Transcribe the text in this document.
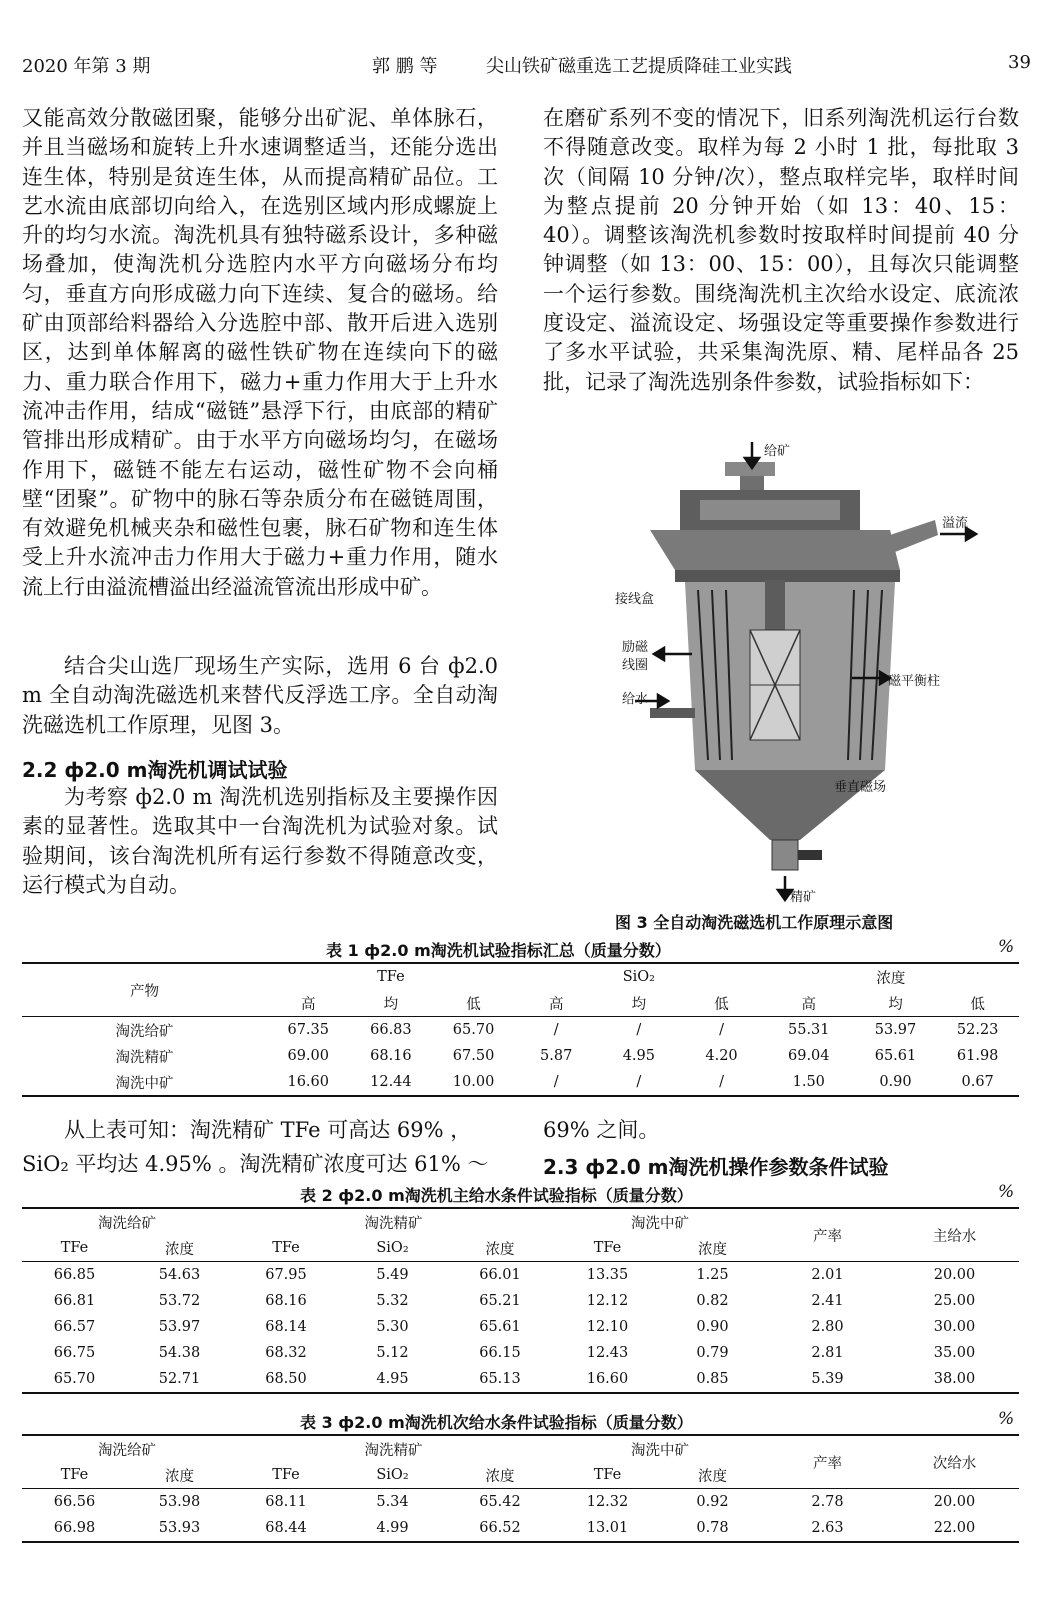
2020 年第 3 期	郭 鹏 等	尖山铁矿磁重选工艺提质降硅工业实践	39

又能高效分散磁团聚，能够分出矿泥、单体脉石，并且当磁场和旋转上升水速调整适当，还能分选出连生体，特别是贫连生体，从而提高精矿品位。工艺水流由底部切向给入，在选别区域内形成螺旋上升的均匀水流。淘洗机具有独特磁系设计，多种磁场叠加，使淘洗机分选腔内水平方向磁场分布均匀，垂直方向形成磁力向下连续、复合的磁场。给矿由顶部给料器给入分选腔中部、散开后进入选别区，达到单体解离的磁性铁矿物在连续向下的磁力、重力联合作用下，磁力+重力作用大于上升水流冲击作用，结成“磁链”悬浮下行，由底部的精矿管排出形成精矿。由于水平方向磁场均匀，在磁场作用下，磁链不能左右运动，磁性矿物不会向桶壁“团聚”。矿物中的脉石等杂质分布在磁链周围，有效避免机械夹杂和磁性包裹，脉石矿物和连生体受上升水流冲击力作用大于磁力+重力作用，随水流上行由溢流槽溢出经溢流管流出形成中矿。

结合尖山选厂现场生产实际，选用 6 台 ф2.0 m 全自动淘洗磁选机来替代反浮选工序。全自动淘洗磁选机工作原理，见图 3。

2.2 ф2.0 m淘洗机调试试验

为考察 ф2.0 m 淘洗机选别指标及主要操作因素的显著性。选取其中一台淘洗机为试验对象。试验期间，该台淘洗机所有运行参数不得随意改变，运行模式为自动。

在磨矿系列不变的情况下，旧系列淘洗机运行台数不得随意改变。取样为每 2 小时 1 批，每批取 3 次（间隔 10 分钟/次），整点取样完毕，取样时间为整点提前 20 分钟开始（如 13：40、15：40）。调整该淘洗机参数时按取样时间提前 40 分钟调整（如 13：00、15：00），且每次只能调整一个运行参数。围绕淘洗机主次给水设定、底流浓度设定、溢流设定、场强设定等重要操作参数进行了多水平试验，共采集淘洗原、精、尾样品各 25 批，记录了淘洗选别条件参数，试验指标如下：

给矿
溢流
接线盒
励磁
线圈
给水
磁平衡柱
垂直磁场
精矿
图 3 全自动淘洗磁选机工作原理示意图
表 1 ф2.0 m淘洗机试验指标汇总（质量分数）	%
产物	TFe			SiO₂			浓度		
	高	均	低	高	均	低	高	均	低
淘洗给矿	67.35	66.83	65.70	/	/	/	55.31	53.97	52.23
淘洗精矿	69.00	68.16	67.50	5.87	4.95	4.20	69.04	65.61	61.98
淘洗中矿	16.60	12.44	10.00	/	/	/	1.50	0.90	0.67
从上表可知：淘洗精矿 TFe 可高达 69% ，
SiO₂ 平均达 4.95% 。淘洗精矿浓度可达 61% ～
69% 之间。
2.3 ф2.0 m淘洗机操作参数条件试验
表 2 ф2.0 m淘洗机主给水条件试验指标（质量分数）	%
淘洗给矿		淘洗精矿			淘洗中矿		产率	主给水
TFe	浓度	TFe	SiO₂	浓度	TFe	浓度		
66.85	54.63	67.95	5.49	66.01	13.35	1.25	2.01	20.00
66.81	53.72	68.16	5.32	65.21	12.12	0.82	2.41	25.00
66.57	53.97	68.14	5.30	65.61	12.10	0.90	2.80	30.00
66.75	54.38	68.32	5.12	66.15	12.43	0.79	2.81	35.00
65.70	52.71	68.50	4.95	65.13	16.60	0.85	5.39	38.00
表 3 ф2.0 m淘洗机次给水条件试验指标（质量分数）	%
淘洗给矿		淘洗精矿			淘洗中矿		产率	次给水
TFe	浓度	TFe	SiO₂	浓度	TFe	浓度		
66.56	53.98	68.11	5.34	65.42	12.32	0.92	2.78	20.00
66.98	53.93	68.44	4.99	66.52	13.01	0.78	2.63	22.00
